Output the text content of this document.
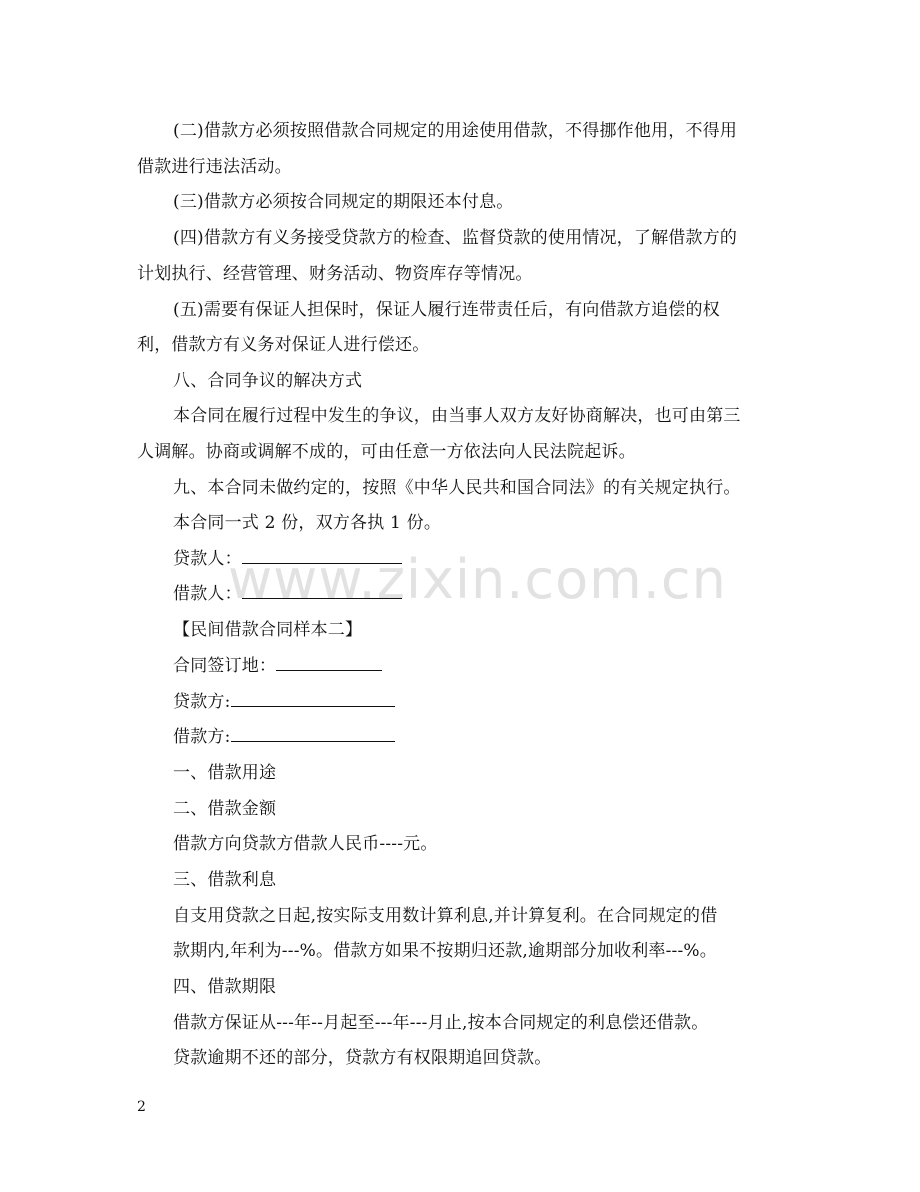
(二)借款方必须按照借款合同规定的用途使用借款，不得挪作他用，不得用
借款进行违法活动。
(三)借款方必须按合同规定的期限还本付息。
(四)借款方有义务接受贷款方的检查、监督贷款的使用情况，了解借款方的
计划执行、经营管理、财务活动、物资库存等情况。
(五)需要有保证人担保时，保证人履行连带责任后，有向借款方追偿的权
利，借款方有义务对保证人进行偿还。
八、合同争议的解决方式
本合同在履行过程中发生的争议，由当事人双方友好协商解决，也可由第三
人调解。协商或调解不成的，可由任意一方依法向人民法院起诉。
九、本合同未做约定的，按照《中华人民共和国合同法》的有关规定执行。
本合同一式 2 份，双方各执 1 份。
贷款人：
借款人：
【民间借款合同样本二】
合同签订地：
贷款方:
借款方:
一、借款用途
二、借款金额
借款方向贷款方借款人民币----元。
三、借款利息
自支用贷款之日起,按实际支用数计算利息,并计算复利。在合同规定的借
款期内,年利为---%。借款方如果不按期归还款,逾期部分加收利率---%。
四、借款期限
借款方保证从---年--月起至---年---月止,按本合同规定的利息偿还借款。
贷款逾期不还的部分，贷款方有权限期追回贷款。
www.zixin.com.cn
2
